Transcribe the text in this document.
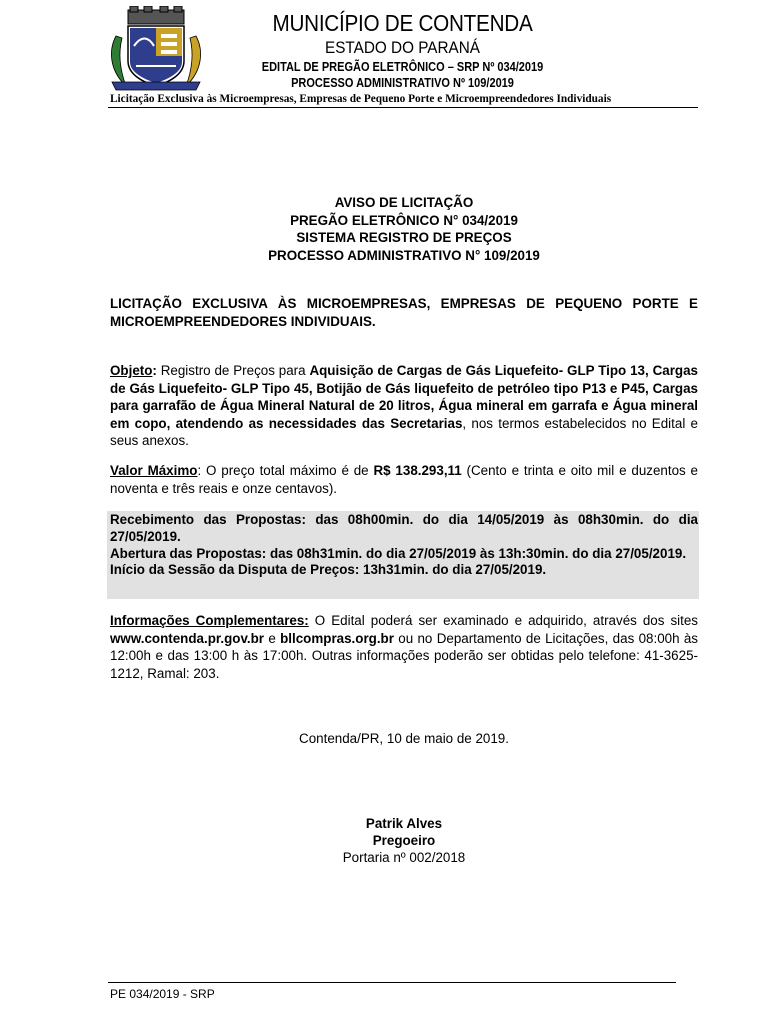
MUNICÍPIO DE CONTENDA
ESTADO DO PARANÁ
EDITAL DE PREGÃO ELETRÔNICO – SRP Nº 034/2019
PROCESSO ADMINISTRATIVO Nº 109/2019
Licitação Exclusiva às Microempresas, Empresas de Pequeno Porte e Microempreendedores Individuais
AVISO DE LICITAÇÃO
PREGÃO ELETRÔNICO N° 034/2019
SISTEMA REGISTRO DE PREÇOS
PROCESSO ADMINISTRATIVO N° 109/2019
LICITAÇÃO EXCLUSIVA ÀS MICROEMPRESAS, EMPRESAS DE PEQUENO PORTE E MICROEMPREENDEDORES INDIVIDUAIS.
Objeto: Registro de Preços para Aquisição de Cargas de Gás Liquefeito- GLP Tipo 13, Cargas de Gás Liquefeito- GLP Tipo 45, Botijão de Gás liquefeito de petróleo tipo P13 e P45, Cargas para garrafão de Água Mineral Natural de 20 litros, Água mineral em garrafa e Água mineral em copo, atendendo as necessidades das Secretarias, nos termos estabelecidos no Edital e seus anexos.
Valor Máximo: O preço total máximo é de R$ 138.293,11 (Cento e trinta e oito mil e duzentos e noventa e três reais e onze centavos).
Recebimento das Propostas: das 08h00min. do dia 14/05/2019 às 08h30min. do dia 27/05/2019.
Abertura das Propostas: das 08h31min. do dia 27/05/2019 às 13h:30min. do dia 27/05/2019.
Início da Sessão da Disputa de Preços: 13h31min. do dia 27/05/2019.
Informações Complementares: O Edital poderá ser examinado e adquirido, através dos sites www.contenda.pr.gov.br e bllcompras.org.br ou no Departamento de Licitações, das 08:00h às 12:00h e das 13:00 h às 17:00h. Outras informações poderão ser obtidas pelo telefone: 41-3625-1212, Ramal: 203.
Contenda/PR, 10 de maio de 2019.
Patrik Alves
Pregoeiro
Portaria nº 002/2018
PE 034/2019 - SRP
